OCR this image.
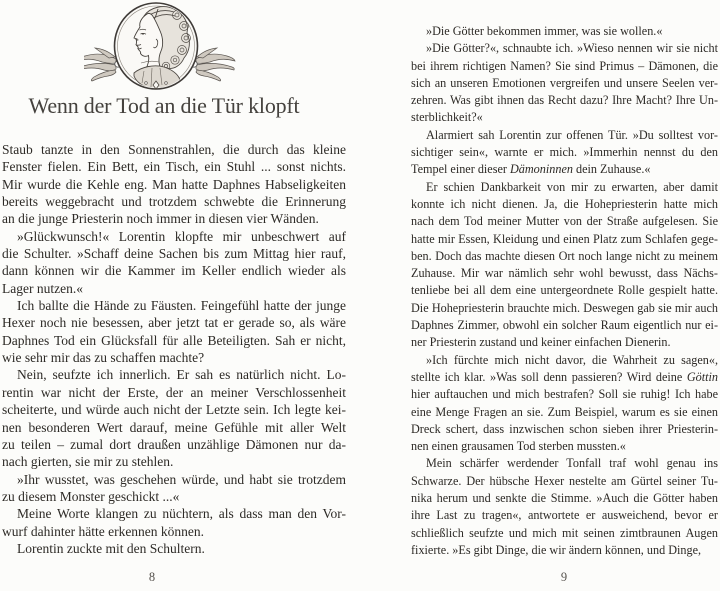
Wenn der Tod an die Tür klopft
Staub tanzte in den Sonnenstrahlen, die durch das kleine
Fenster fielen. Ein Bett, ein Tisch, ein Stuhl ... sonst nichts.
Mir wurde die Kehle eng. Man hatte Daphnes Habseligkeiten
bereits weggebracht und trotzdem schwebte die Erinnerung
an die junge Priesterin noch immer in diesen vier Wänden.
»Glückwunsch!« Lorentin klopfte mir unbeschwert auf
die Schulter. »Schaff deine Sachen bis zum Mittag hier rauf,
dann können wir die Kammer im Keller endlich wieder als
Lager nutzen.«
Ich ballte die Hände zu Fäusten. Feingefühl hatte der junge
Hexer noch nie besessen, aber jetzt tat er gerade so, als wäre
Daphnes Tod ein Glücksfall für alle Beteiligten. Sah er nicht,
wie sehr mir das zu schaffen machte?
Nein, seufzte ich innerlich. Er sah es natürlich nicht. Lo-
rentin war nicht der Erste, der an meiner Verschlossenheit
scheiterte, und würde auch nicht der Letzte sein. Ich legte kei-
nen besonderen Wert darauf, meine Gefühle mit aller Welt
zu teilen – zumal dort draußen unzählige Dämonen nur da-
nach gierten, sie mir zu stehlen.
»Ihr wusstet, was geschehen würde, und habt sie trotzdem
zu diesem Monster geschickt ...«
Meine Worte klangen zu nüchtern, als dass man den Vor-
wurf dahinter hätte erkennen können.
Lorentin zuckte mit den Schultern.
8
»Die Götter bekommen immer, was sie wollen.«
»Die Götter?«, schnaubte ich. »Wieso nennen wir sie nicht
bei ihrem richtigen Namen? Sie sind Primus – Dämonen, die
sich an unseren Emotionen vergreifen und unsere Seelen ver-
zehren. Was gibt ihnen das Recht dazu? Ihre Macht? Ihre Un-
sterblichkeit?«
Alarmiert sah Lorentin zur offenen Tür. »Du solltest vor-
sichtiger sein«, warnte er mich. »Immerhin nennst du den
Tempel einer dieser Dämoninnen dein Zuhause.«
Er schien Dankbarkeit von mir zu erwarten, aber damit
konnte ich nicht dienen. Ja, die Hohepriesterin hatte mich
nach dem Tod meiner Mutter von der Straße aufgelesen. Sie
hatte mir Essen, Kleidung und einen Platz zum Schlafen gege-
ben. Doch das machte diesen Ort noch lange nicht zu meinem
Zuhause. Mir war nämlich sehr wohl bewusst, dass Nächs-
tenliebe bei all dem eine untergeordnete Rolle gespielt hatte.
Die Hohepriesterin brauchte mich. Deswegen gab sie mir auch
Daphnes Zimmer, obwohl ein solcher Raum eigentlich nur ei-
ner Priesterin zustand und keiner einfachen Dienerin.
»Ich fürchte mich nicht davor, die Wahrheit zu sagen«,
stellte ich klar. »Was soll denn passieren? Wird deine Göttin
hier auftauchen und mich bestrafen? Soll sie ruhig! Ich habe
eine Menge Fragen an sie. Zum Beispiel, warum es sie einen
Dreck schert, dass inzwischen schon sieben ihrer Priesterin-
nen einen grausamen Tod sterben mussten.«
Mein schärfer werdender Tonfall traf wohl genau ins
Schwarze. Der hübsche Hexer nestelte am Gürtel seiner Tu-
nika herum und senkte die Stimme. »Auch die Götter haben
ihre Last zu tragen«, antwortete er ausweichend, bevor er
schließlich seufzte und mich mit seinen zimtbraunen Augen
fixierte. »Es gibt Dinge, die wir ändern können, und Dinge,
9
